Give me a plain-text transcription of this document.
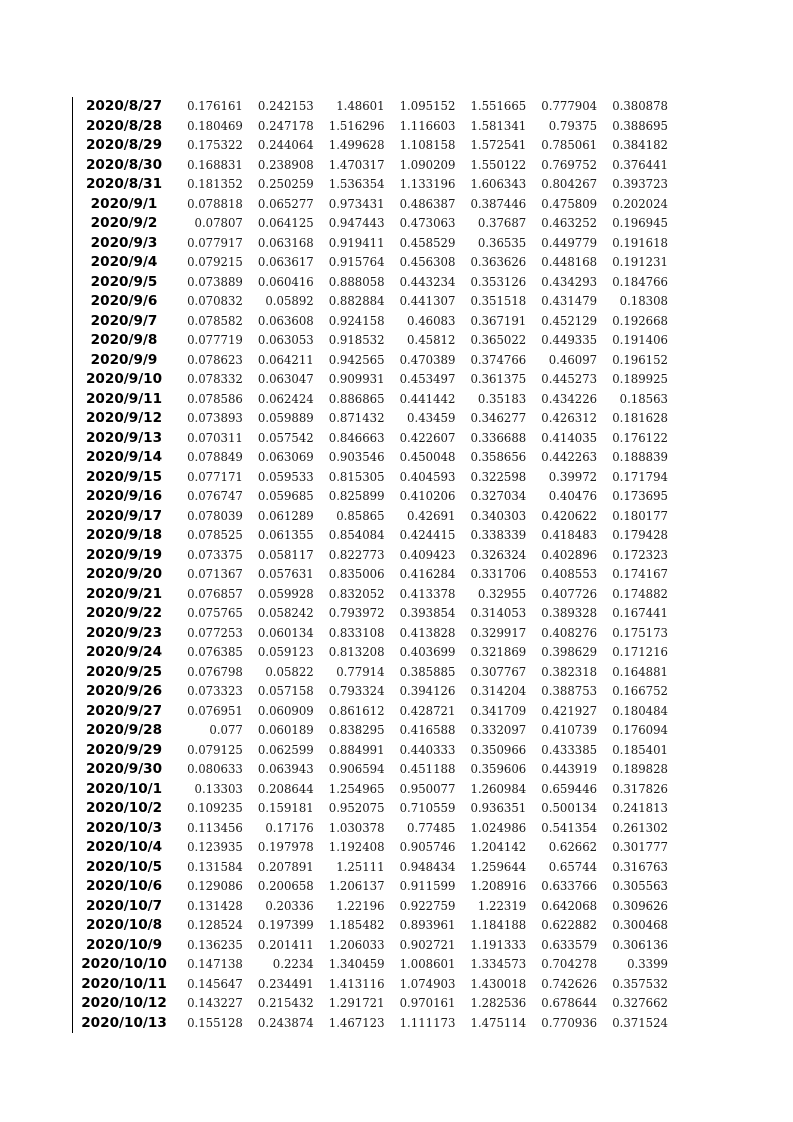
2020/8/27	0.176161	0.242153	1.48601	1.095152	1.551665	0.777904	0.380878
2020/8/28	0.180469	0.247178	1.516296	1.116603	1.581341	0.79375	0.388695
2020/8/29	0.175322	0.244064	1.499628	1.108158	1.572541	0.785061	0.384182
2020/8/30	0.168831	0.238908	1.470317	1.090209	1.550122	0.769752	0.376441
2020/8/31	0.181352	0.250259	1.536354	1.133196	1.606343	0.804267	0.393723
2020/9/1	0.078818	0.065277	0.973431	0.486387	0.387446	0.475809	0.202024
2020/9/2	0.07807	0.064125	0.947443	0.473063	0.37687	0.463252	0.196945
2020/9/3	0.077917	0.063168	0.919411	0.458529	0.36535	0.449779	0.191618
2020/9/4	0.079215	0.063617	0.915764	0.456308	0.363626	0.448168	0.191231
2020/9/5	0.073889	0.060416	0.888058	0.443234	0.353126	0.434293	0.184766
2020/9/6	0.070832	0.05892	0.882884	0.441307	0.351518	0.431479	0.18308
2020/9/7	0.078582	0.063608	0.924158	0.46083	0.367191	0.452129	0.192668
2020/9/8	0.077719	0.063053	0.918532	0.45812	0.365022	0.449335	0.191406
2020/9/9	0.078623	0.064211	0.942565	0.470389	0.374766	0.46097	0.196152
2020/9/10	0.078332	0.063047	0.909931	0.453497	0.361375	0.445273	0.189925
2020/9/11	0.078586	0.062424	0.886865	0.441442	0.35183	0.434226	0.18563
2020/9/12	0.073893	0.059889	0.871432	0.43459	0.346277	0.426312	0.181628
2020/9/13	0.070311	0.057542	0.846663	0.422607	0.336688	0.414035	0.176122
2020/9/14	0.078849	0.063069	0.903546	0.450048	0.358656	0.442263	0.188839
2020/9/15	0.077171	0.059533	0.815305	0.404593	0.322598	0.39972	0.171794
2020/9/16	0.076747	0.059685	0.825899	0.410206	0.327034	0.40476	0.173695
2020/9/17	0.078039	0.061289	0.85865	0.42691	0.340303	0.420622	0.180177
2020/9/18	0.078525	0.061355	0.854084	0.424415	0.338339	0.418483	0.179428
2020/9/19	0.073375	0.058117	0.822773	0.409423	0.326324	0.402896	0.172323
2020/9/20	0.071367	0.057631	0.835006	0.416284	0.331706	0.408553	0.174167
2020/9/21	0.076857	0.059928	0.832052	0.413378	0.32955	0.407726	0.174882
2020/9/22	0.075765	0.058242	0.793972	0.393854	0.314053	0.389328	0.167441
2020/9/23	0.077253	0.060134	0.833108	0.413828	0.329917	0.408276	0.175173
2020/9/24	0.076385	0.059123	0.813208	0.403699	0.321869	0.398629	0.171216
2020/9/25	0.076798	0.05822	0.77914	0.385885	0.307767	0.382318	0.164881
2020/9/26	0.073323	0.057158	0.793324	0.394126	0.314204	0.388753	0.166752
2020/9/27	0.076951	0.060909	0.861612	0.428721	0.341709	0.421927	0.180484
2020/9/28	0.077	0.060189	0.838295	0.416588	0.332097	0.410739	0.176094
2020/9/29	0.079125	0.062599	0.884991	0.440333	0.350966	0.433385	0.185401
2020/9/30	0.080633	0.063943	0.906594	0.451188	0.359606	0.443919	0.189828
2020/10/1	0.13303	0.208644	1.254965	0.950077	1.260984	0.659446	0.317826
2020/10/2	0.109235	0.159181	0.952075	0.710559	0.936351	0.500134	0.241813
2020/10/3	0.113456	0.17176	1.030378	0.77485	1.024986	0.541354	0.261302
2020/10/4	0.123935	0.197978	1.192408	0.905746	1.204142	0.62662	0.301777
2020/10/5	0.131584	0.207891	1.25111	0.948434	1.259644	0.65744	0.316763
2020/10/6	0.129086	0.200658	1.206137	0.911599	1.208916	0.633766	0.305563
2020/10/7	0.131428	0.20336	1.22196	0.922759	1.22319	0.642068	0.309626
2020/10/8	0.128524	0.197399	1.185482	0.893961	1.184188	0.622882	0.300468
2020/10/9	0.136235	0.201411	1.206033	0.902721	1.191333	0.633579	0.306136
2020/10/10	0.147138	0.2234	1.340459	1.008601	1.334573	0.704278	0.3399
2020/10/11	0.145647	0.234491	1.413116	1.074903	1.430018	0.742626	0.357532
2020/10/12	0.143227	0.215432	1.291721	0.970161	1.282536	0.678644	0.327662
2020/10/13	0.155128	0.243874	1.467123	1.111173	1.475114	0.770936	0.371524
